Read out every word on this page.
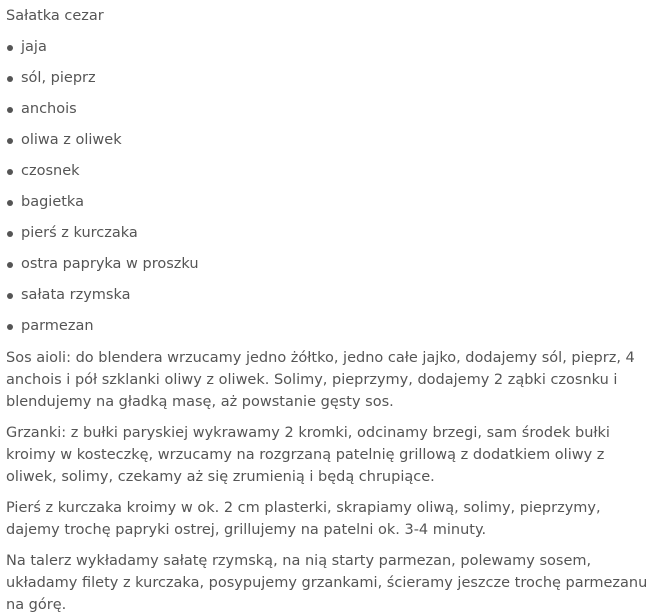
Sałatka cezar
jaja
sól, pieprz
anchois
oliwa z oliwek
czosnek
bagietka
pierś z kurczaka
ostra papryka w proszku
sałata rzymska
parmezan

Sos aioli: do blendera wrzucamy jedno żółtko, jedno całe jajko, dodajemy sól, pieprz, 4 anchois i pół szklanki oliwy z oliwek. Solimy, pieprzymy, dodajemy 2 ząbki czosnku i blendujemy na gładką masę, aż powstanie gęsty sos.

Grzanki: z bułki paryskiej wykrawamy 2 kromki, odcinamy brzegi, sam środek bułki kroimy w kosteczkę, wrzucamy na rozgrzaną patelnię grillową z dodatkiem oliwy z oliwek, solimy, czekamy aż się zrumienią i będą chrupiące.

Pierś z kurczaka kroimy w ok. 2 cm plasterki, skrapiamy oliwą, solimy, pieprzymy, dajemy trochę papryki ostrej, grillujemy na patelni ok. 3-4 minuty.

Na talerz wykładamy sałatę rzymską, na nią starty parmezan, polewamy sosem, układamy filety z kurczaka, posypujemy grzankami, ścieramy jeszcze trochę parmezanu na górę.
